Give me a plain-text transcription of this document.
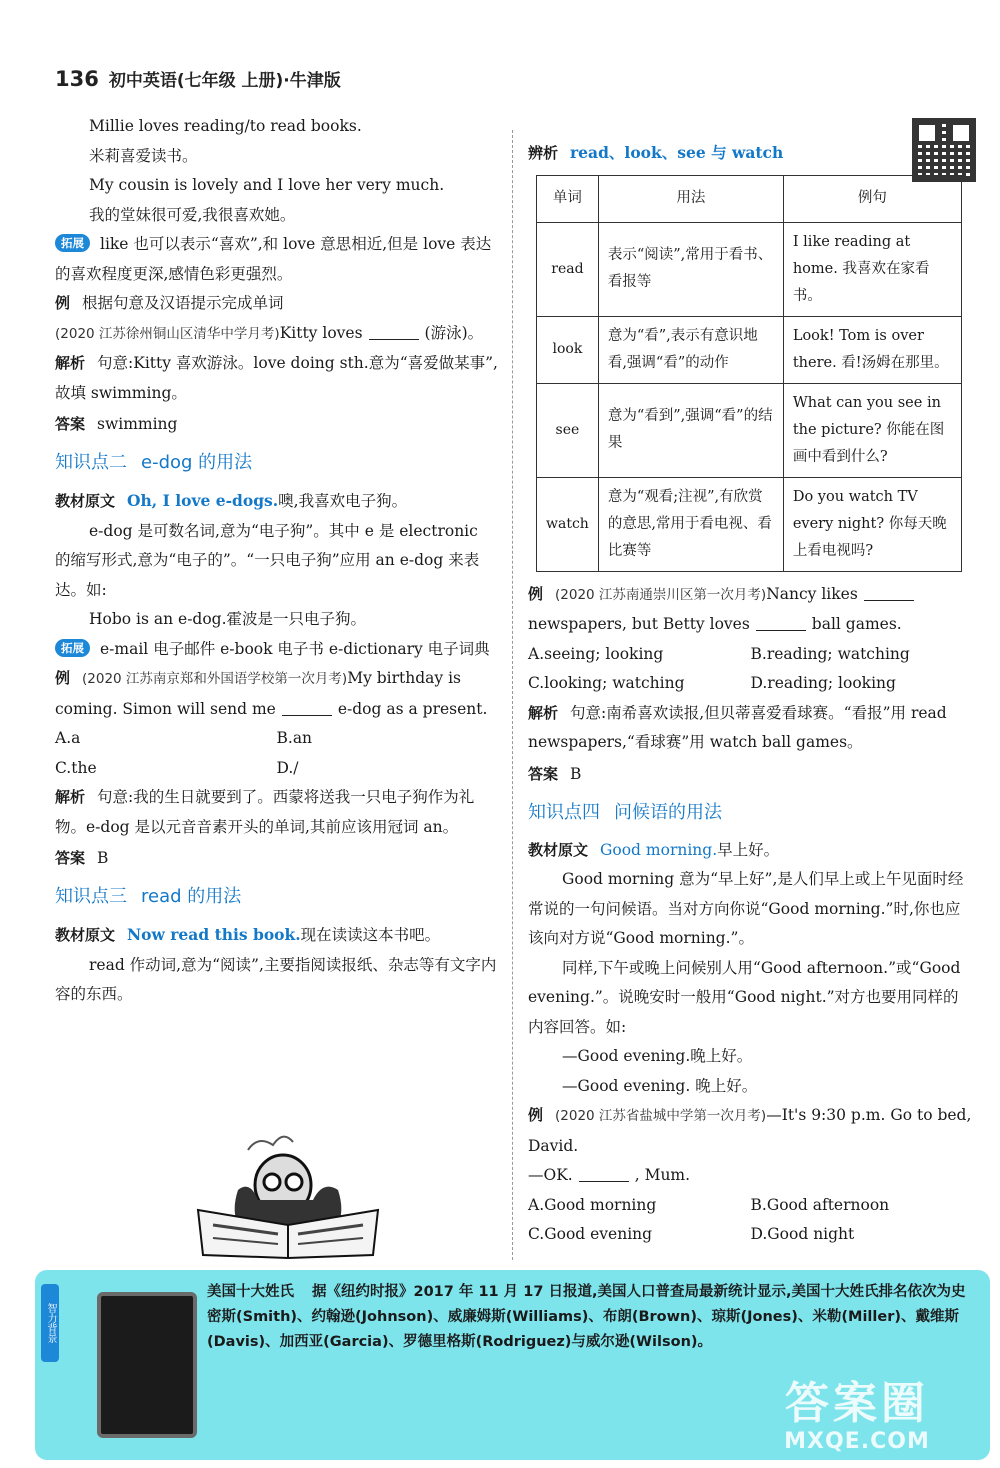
136 初中英语(七年级 上册)·牛津版

Millie loves reading/to read books.

米莉喜爱读书。

My cousin is lovely and I love her very much.

我的堂妹很可爱,我很喜欢她。

拓展 like 也可以表示“喜欢”,和 love 意思相近,但是 love 表达的喜欢程度更深,感情色彩更强烈。

例 根据句意及汉语提示完成单词

(2020 江苏徐州铜山区清华中学月考)Kitty loves	(游泳)。

解析 句意:Kitty 喜欢游泳。love doing sth.意为“喜爱做某事”,故填 swimming。

答案 swimming

知识点二 e-dog 的用法

教材原文 Oh, I love e-dogs.噢,我喜欢电子狗。

e-dog 是可数名词,意为“电子狗”。其中 e 是 electronic 的缩写形式,意为“电子的”。“一只电子狗”应用 an e-dog 来表达。如:

Hobo is an e-dog.霍波是一只电子狗。

拓展 e-mail 电子邮件 e-book 电子书 e-dictionary 电子词典

例 (2020 江苏南京郑和外国语学校第一次月考)My birthday is coming. Simon will send me	e-dog as a present.

A.a	B.an
C.the	D./

解析 句意:我的生日就要到了。西蒙将送我一只电子狗作为礼物。e-dog 是以元音音素开头的单词,其前应该用冠词 an。

答案 B

知识点三 read 的用法

教材原文 Now read this book.现在读读这本书吧。

read 作动词,意为“阅读”,主要指阅读报纸、杂志等有文字内容的东西。

辨析 read、look、see 与 watch

单词	用法	例句
read	表示“阅读”,常用于看书、看报等	I like reading at home. 我喜欢在家看书。
look	意为“看”,表示有意识地看,强调“看”的动作	Look! Tom is over there. 看!汤姆在那里。
see	意为“看到”,强调“看”的结果	What can you see in the picture? 你能在图画中看到什么?
watch	意为“观看;注视”,有欣赏的意思,常用于看电视、看比赛等	Do you watch TV every night? 你每天晚上看电视吗?

例 (2020 江苏南通崇川区第一次月考)Nancy likesnewspapers, but Betty loves	ball games.

A.seeing; looking	B.reading; watching
C.looking; watching	D.reading; looking

解析 句意:南希喜欢读报,但贝蒂喜爱看球赛。“看报”用 read newspapers,“看球赛”用 watch ball games。

答案 B

知识点四 问候语的用法

教材原文 Good morning.早上好。

Good morning 意为“早上好”,是人们早上或上午见面时经常说的一句问候语。当对方向你说“Good morning.”时,你也应该向对方说“Good morning.”。

同样,下午或晚上问候别人用“Good afternoon.”或“Good evening.”。说晚安时一般用“Good night.”对方也要用同样的内容回答。如:

—Good evening.晚上好。

—Good evening. 晚上好。

例 (2020 江苏省盐城中学第一次月考)—It's 9:30 p.m. Go to bed, David.

—OK.	, Mum.

A.Good morning	B.Good afternoon
C.Good evening	D.Good night
智力背景
美国十大姓氏 据《纽约时报》2017 年 11 月 17 日报道,美国人口普查局最新统计显示,美国十大姓氏排名依次为史密斯(Smith)、约翰逊(Johnson)、威廉姆斯(Williams)、布朗(Brown)、琼斯(Jones)、米勒(Miller)、戴维斯(Davis)、加西亚(Garcia)、罗德里格斯(Rodriguez)与威尔逊(Wilson)。
答案圈
MXQE.COM
